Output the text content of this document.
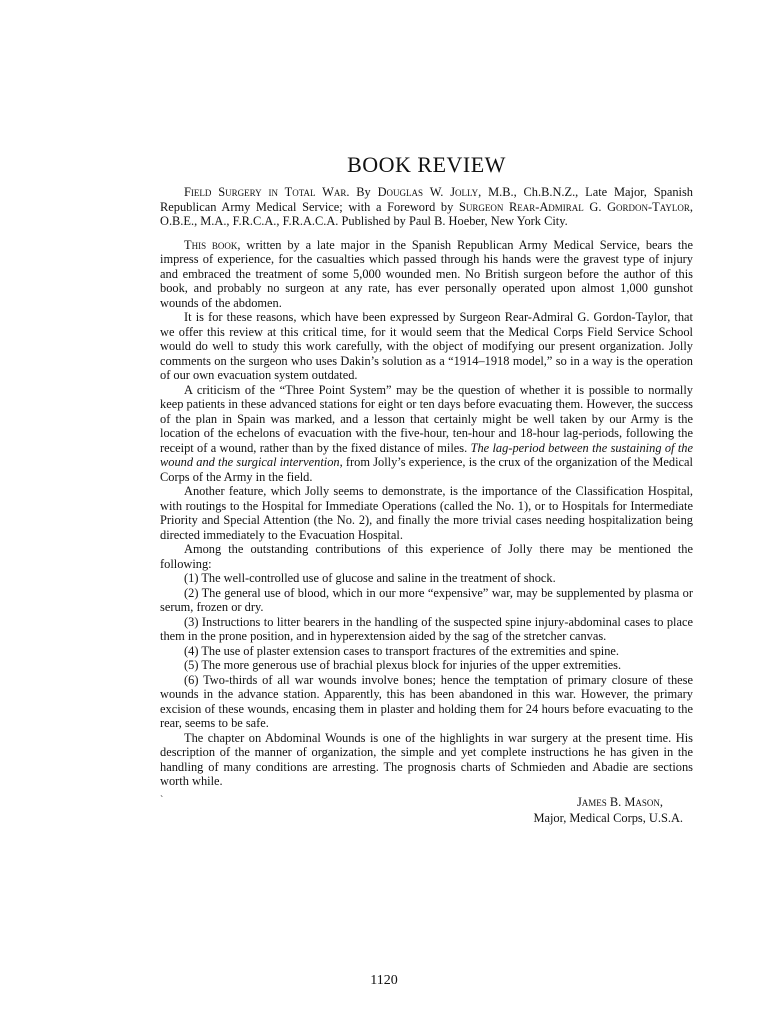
BOOK REVIEW

Field Surgery in Total War. By Douglas W. Jolly, M.B., Ch.B.N.Z., Late Major, Spanish Republican Army Medical Service; with a Foreword by Surgeon Rear-Admiral G. Gordon-Taylor, O.B.E., M.A., F.R.C.A., F.R.A.C.A. Published by Paul B. Hoeber, New York City.

This book, written by a late major in the Spanish Republican Army Medical Service, bears the impress of experience, for the casualties which passed through his hands were the gravest type of injury and embraced the treatment of some 5,000 wounded men. No British surgeon before the author of this book, and probably no surgeon at any rate, has ever personally operated upon almost 1,000 gunshot wounds of the abdomen.

It is for these reasons, which have been expressed by Surgeon Rear-Admiral G. Gordon-Taylor, that we offer this review at this critical time, for it would seem that the Medical Corps Field Service School would do well to study this work carefully, with the object of modifying our present organization. Jolly comments on the surgeon who uses Dakin’s solution as a “1914–1918 model,” so in a way is the operation of our own evacuation system outdated.

A criticism of the “Three Point System” may be the question of whether it is possible to normally keep patients in these advanced stations for eight or ten days before evacuating them. However, the success of the plan in Spain was marked, and a lesson that certainly might be well taken by our Army is the location of the echelons of evacuation with the five-hour, ten-hour and 18-hour lag-periods, following the receipt of a wound, rather than by the fixed distance of miles. The lag-period between the sustaining of the wound and the surgical intervention, from Jolly’s experience, is the crux of the organization of the Medical Corps of the Army in the field.

Another feature, which Jolly seems to demonstrate, is the importance of the Classification Hospital, with routings to the Hospital for Immediate Operations (called the No. 1), or to Hospitals for Intermediate Priority and Special Attention (the No. 2), and finally the more trivial cases needing hospitalization being directed immediately to the Evacuation Hospital.

Among the outstanding contributions of this experience of Jolly there may be mentioned the following:

(1) The well-controlled use of glucose and saline in the treatment of shock.

(2) The general use of blood, which in our more “expensive” war, may be supplemented by plasma or serum, frozen or dry.

(3) Instructions to litter bearers in the handling of the suspected spine injury-abdominal cases to place them in the prone position, and in hyperextension aided by the sag of the stretcher canvas.

(4) The use of plaster extension cases to transport fractures of the extremities and spine.

(5) The more generous use of brachial plexus block for injuries of the upper extremities.

(6) Two-thirds of all war wounds involve bones; hence the temptation of primary closure of these wounds in the advance station. Apparently, this has been abandoned in this war. However, the primary excision of these wounds, encasing them in plaster and holding them for 24 hours before evacuating to the rear, seems to be safe.

The chapter on Abdominal Wounds is one of the highlights in war surgery at the present time. His description of the manner of organization, the simple and yet complete instructions he has given in the handling of many conditions are arresting. The prognosis charts of Schmieden and Abadie are sections worth while.

`	James B. Mason,
Major, Medical Corps, U.S.A.
1120
